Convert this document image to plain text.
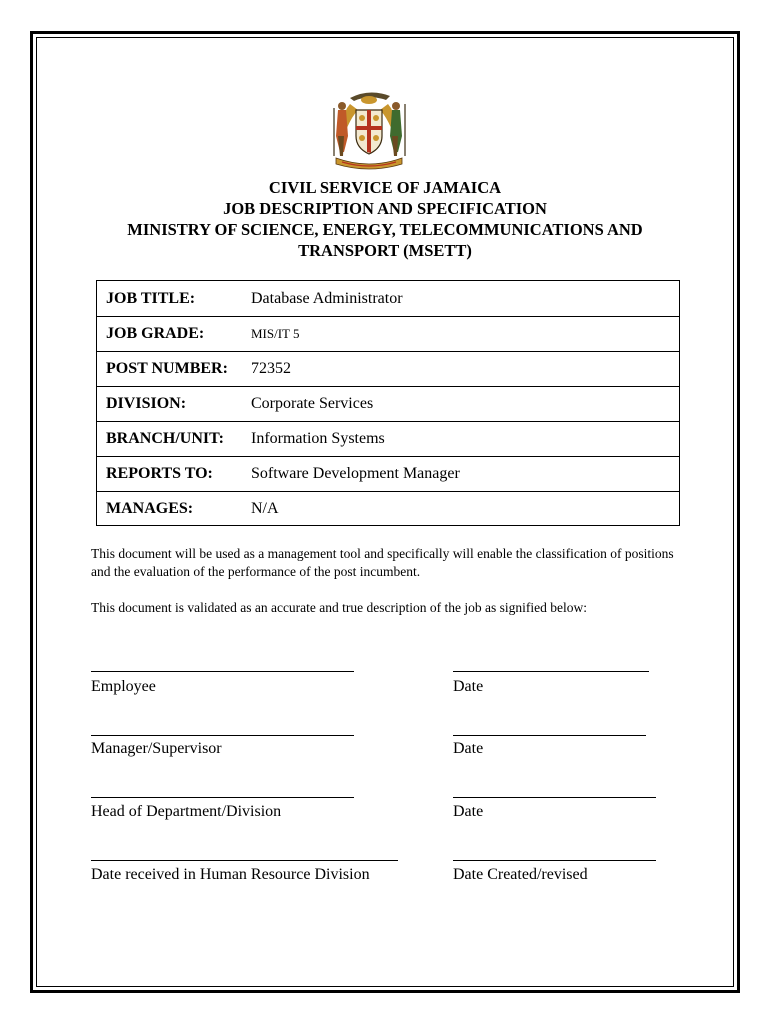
CIVIL SERVICE OF JAMAICA
JOB DESCRIPTION AND SPECIFICATION
MINISTRY OF SCIENCE, ENERGY, TELECOMMUNICATIONS AND
TRANSPORT (MSETT)
JOB TITLE:	Database Administrator
JOB GRADE:	MIS/IT 5
POST NUMBER:	72352
DIVISION:	Corporate Services
BRANCH/UNIT:	Information Systems
REPORTS TO:	Software Development Manager
MANAGES:	N/A
This document will be used as a management tool and specifically will enable the classification of positions and the evaluation of the performance of the post incumbent.
This document is validated as an accurate and true description of the job as signified below:
Employee	Date
Manager/Supervisor	Date
Head of Department/Division	Date
Date received in Human Resource Division	Date Created/revised
